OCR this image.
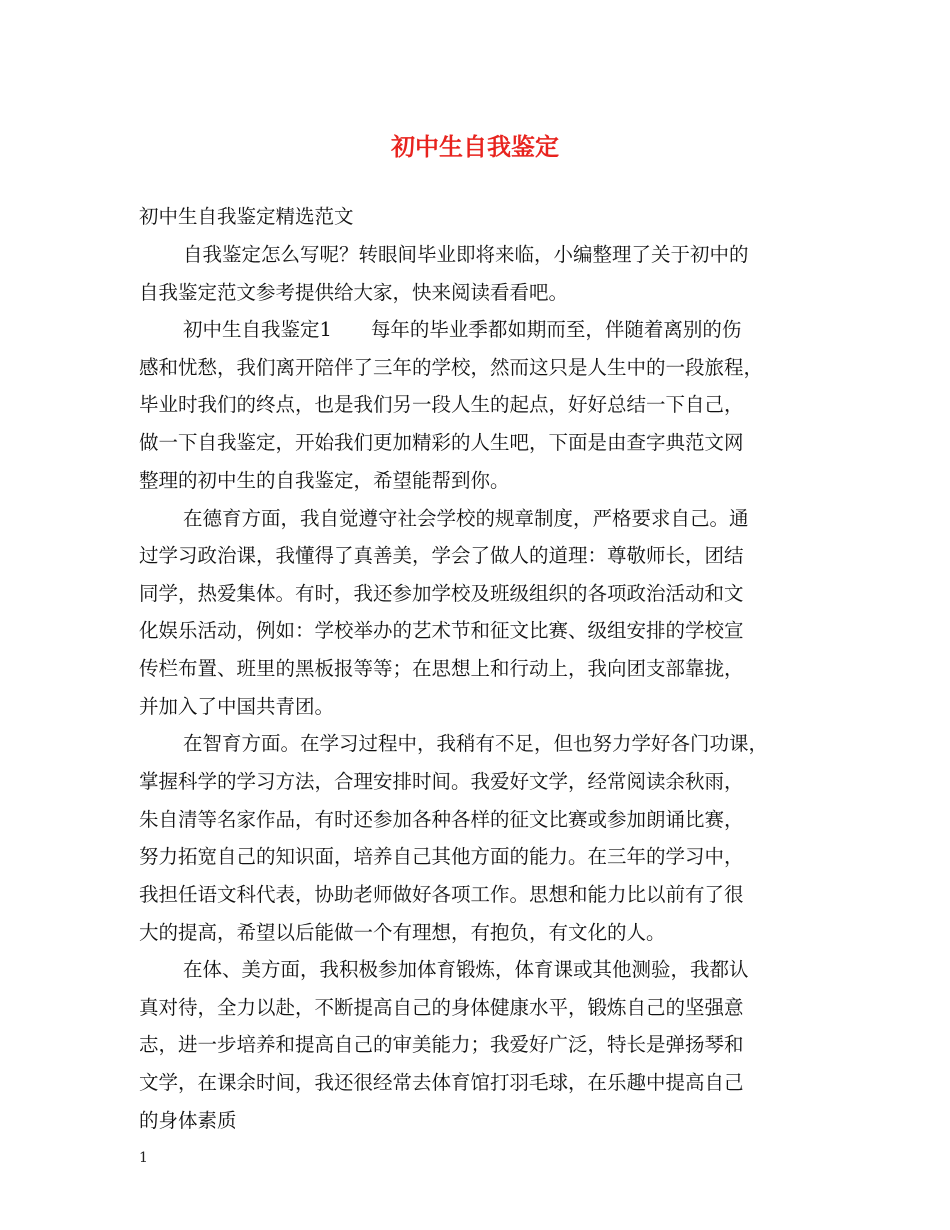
初中生自我鉴定
初中生自我鉴定精选范文
自我鉴定怎么写呢？转眼间毕业即将来临，小编整理了关于初中的
自我鉴定范文参考提供给大家，快来阅读看看吧。
初中生自我鉴定1　　每年的毕业季都如期而至，伴随着离别的伤
感和忧愁，我们离开陪伴了三年的学校，然而这只是人生中的一段旅程，
毕业时我们的终点，也是我们另一段人生的起点，好好总结一下自己，
做一下自我鉴定，开始我们更加精彩的人生吧，下面是由查字典范文网
整理的初中生的自我鉴定，希望能帮到你。
在德育方面，我自觉遵守社会学校的规章制度，严格要求自己。通
过学习政治课，我懂得了真善美，学会了做人的道理：尊敬师长，团结
同学，热爱集体。有时，我还参加学校及班级组织的各项政治活动和文
化娱乐活动，例如：学校举办的艺术节和征文比赛、级组安排的学校宣
传栏布置、班里的黑板报等等；在思想上和行动上，我向团支部靠拢，
并加入了中国共青团。
在智育方面。在学习过程中，我稍有不足，但也努力学好各门功课，
掌握科学的学习方法，合理安排时间。我爱好文学，经常阅读余秋雨，
朱自清等名家作品，有时还参加各种各样的征文比赛或参加朗诵比赛，
努力拓宽自己的知识面，培养自己其他方面的能力。在三年的学习中，
我担任语文科代表，协助老师做好各项工作。思想和能力比以前有了很
大的提高，希望以后能做一个有理想，有抱负，有文化的人。
在体、美方面，我积极参加体育锻炼，体育课或其他测验，我都认
真对待，全力以赴，不断提高自己的身体健康水平，锻炼自己的坚强意
志，进一步培养和提高自己的审美能力；我爱好广泛，特长是弹扬琴和
文学，在课余时间，我还很经常去体育馆打羽毛球，在乐趣中提高自己
的身体素质
1
